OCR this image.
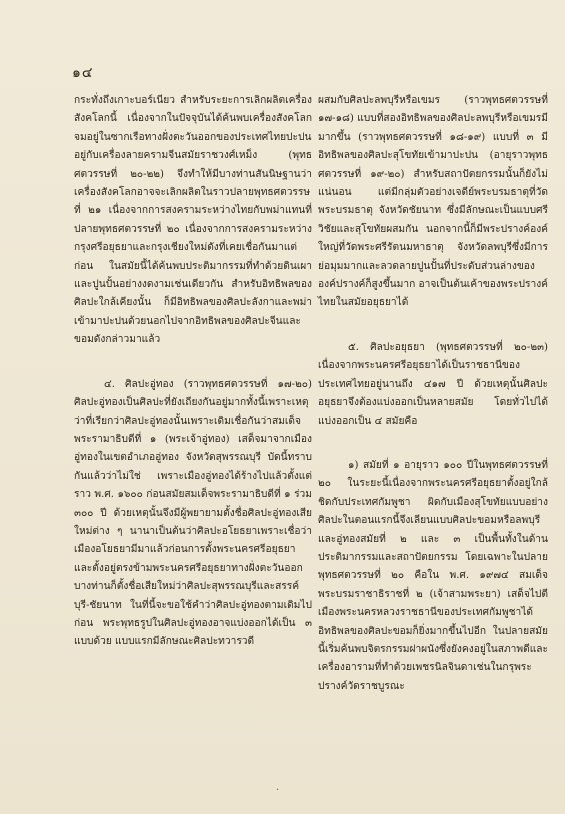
๑๔

กระทั่งถึงเกาะบอร์เนียว สำหรับระยะการเลิกผลิตเครื่องสังคโลกนี้ เนื่องจากในปัจจุบันได้ค้นพบเครื่องสังคโลกจมอยู่ในซากเรือทางฝั่งตะวันออกของประเทศไทยปะปนอยู่กับเครื่องลายครามจีนสมัยราชวงศ์เหม็ง (พุทธศตวรรษที่ ๒๐-๒๒) จึงทำให้มีบางท่านสันนิษฐานว่าเครื่องสังคโลกอาจจะเลิกผลิตในราวปลายพุทธศตวรรษที่ ๒๑ เนื่องจากการสงครามระหว่างไทยกับพม่าแทนที่ปลายพุทธศตวรรษที่ ๒๐ เนื่องจากการสงครามระหว่างกรุงศรีอยุธยาและกรุงเชียงใหม่ดังที่เคยเชื่อกันมาแต่ก่อน ในสมัยนี้ได้ค้นพบประติมากรรมที่ทำด้วยดินเผาและปูนปั้นอย่างงดงามเช่นเดียวกัน สำหรับอิทธิพลของศิลปะใกล้เคียงนั้น ก็มีอิทธิพลของศิลปะลังกาและพม่าเข้ามาปะปนด้วยนอกไปจากอิทธิพลของศิลปะจีนและขอมดังกล่าวมาแล้ว

๔. ศิลปะอู่ทอง (ราวพุทธศตวรรษที่ ๑๗-๒๐) ศิลปะอู่ทองเป็นศิลปะที่ยังเถียงกันอยู่มากทั้งนี้เพราะเหตุว่าที่เรียกว่าศิลปะอู่ทองนั้นเพราะเดิมเชื่อกันว่าสมเด็จพระรามาธิบดีที่ ๑ (พระเจ้าอู่ทอง) เสด็จมาจากเมืองอู่ทองในเขตอำเภออู่ทอง จังหวัดสุพรรณบุรี บัดนี้ทราบกันแล้วว่าไม่ใช่ เพราะเมืองอู่ทองได้ร้างไปแล้วตั้งแต่ราว พ.ศ. ๑๖๐๐ ก่อนสมัยสมเด็จพระรามาธิบดีที่ ๑ ร่วม ๓๐๐ ปี ด้วยเหตุนั้นจึงมีผู้พยายามตั้งชื่อศิลปะอู่ทองเสียใหม่ต่าง ๆ นานาเป็นต้นว่าศิลปะอโยธยาเพราะเชื่อว่าเมืองอโยธยามีมาแล้วก่อนการตั้งพระนครศรีอยุธยาและตั้งอยู่ตรงข้ามพระนครศรีอยุธยาทางฝั่งตะวันออก บางท่านก็ตั้งชื่อเสียใหม่ว่าศิลปะสุพรรณบุรีและสรรค์บุรี-ชัยนาท ในที่นี้จะขอใช้คำว่าศิลปะอู่ทองตามเดิมไปก่อน พระพุทธรูปในศิลปะอู่ทองอาจแบ่งออกได้เป็น ๓ แบบด้วย แบบแรกมีลักษณะศิลปะทวารวดี

ผสมกับศิลปะลพบุรีหรือเขมร (ราวพุทธศตวรรษที่ ๑๗-๑๘) แบบที่สองอิทธิพลของศิลปะลพบุรีหรือเขมรมีมากขึ้น (ราวพุทธศตวรรษที่ ๑๘-๑๙) แบบที่ ๓ มีอิทธิพลของศิลปะสุโขทัยเข้ามาปะปน (อายุราวพุทธศตวรรษที่ ๑๙-๒๐) สำหรับสถาปัตยกรรมนั้นก็ยังไม่แน่นอน แต่มีกลุ่มตัวอย่างเจดีย์พระบรมธาตุที่วัดพระบรมธาตุ จังหวัดชัยนาท ซึ่งมีลักษณะเป็นแบบศรีวิชัยและสุโขทัยผสมกัน นอกจากนี้ก็มีพระปรางค์องค์ใหญ่ที่วัดพระศรีรัตนมหาธาตุ จังหวัดลพบุรีซึ่งมีการย่อมุมมากและลวดลายปูนปั้นที่ประดับส่วนล่างขององค์ปรางค์ก็สูงขึ้นมาก อาจเป็นต้นเค้าของพระปรางค์ไทยในสมัยอยุธยาได้

๕. ศิลปะอยุธยา (พุทธศตวรรษที่ ๒๐-๒๓) เนื่องจากพระนครศรีอยุธยาได้เป็นราชธานีของประเทศไทยอยู่นานถึง ๔๑๗ ปี ด้วยเหตุนั้นศิลปะอยุธยาจึงต้องแบ่งออกเป็นหลายสมัย โดยทั่วไปได้แบ่งออกเป็น ๔ สมัยคือ

๑) สมัยที่ ๑ อายุราว ๑๐๐ ปีในพุทธศตวรรษที่ ๒๐ ในระยะนี้เนื่องจากพระนครศรีอยุธยาตั้งอยู่ใกล้ชิดกับประเทศกัมพูชา ผิดกับเมืองสุโขทัยแบบอย่างศิลปะในตอนแรกนี้จึงเลียนแบบศิลปะขอมหรือลพบุรีและอู่ทองสมัยที่ ๒ และ ๓ เป็นพื้นทั้งในด้านประติมากรรมและสถาปัตยกรรม โดยเฉพาะในปลายพุทธศตวรรษที่ ๒๐ คือใน พ.ศ. ๑๙๗๔ สมเด็จพระบรมราชาธิราชที่ ๒ (เจ้าสามพระยา) เสด็จไปตีเมืองพระนครหลวงราชธานีของประเทศกัมพูชาได้ อิทธิพลของศิลปะขอมก็ยิ่งมากขึ้นไปอีก ในปลายสมัยนี้เริ่มค้นพบจิตรกรรมฝาผนังซึ่งยังคงอยู่ในสภาพดีและเครื่องอารามที่ทำด้วยเพชรนิลจินดาเช่นในกรุพระปรางค์วัดราชบูรณะ

·
